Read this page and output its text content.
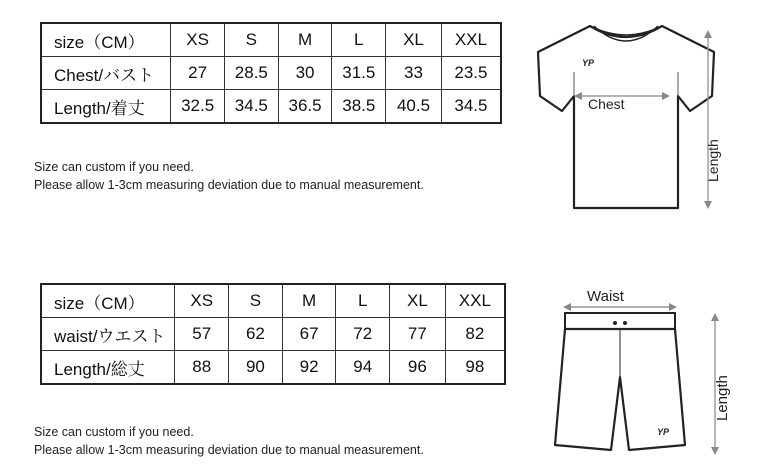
size（CM）	XS	S	M	L	XL	XXL
Chest/バスト	27	28.5	30	31.5	33	23.5
Length/着丈	32.5	34.5	36.5	38.5	40.5	34.5
Size can custom if you need.
Please allow 1-3cm measuring deviation due to manual measurement.
YP
Chest
Length
size（CM）	XS	S	M	L	XL	XXL
waist/ウエスト	57	62	67	72	77	82
Length/総丈	88	90	92	94	96	98
Size can custom if you need.
Please allow 1-3cm measuring deviation due to manual measurement.
Waist
YP
Length
